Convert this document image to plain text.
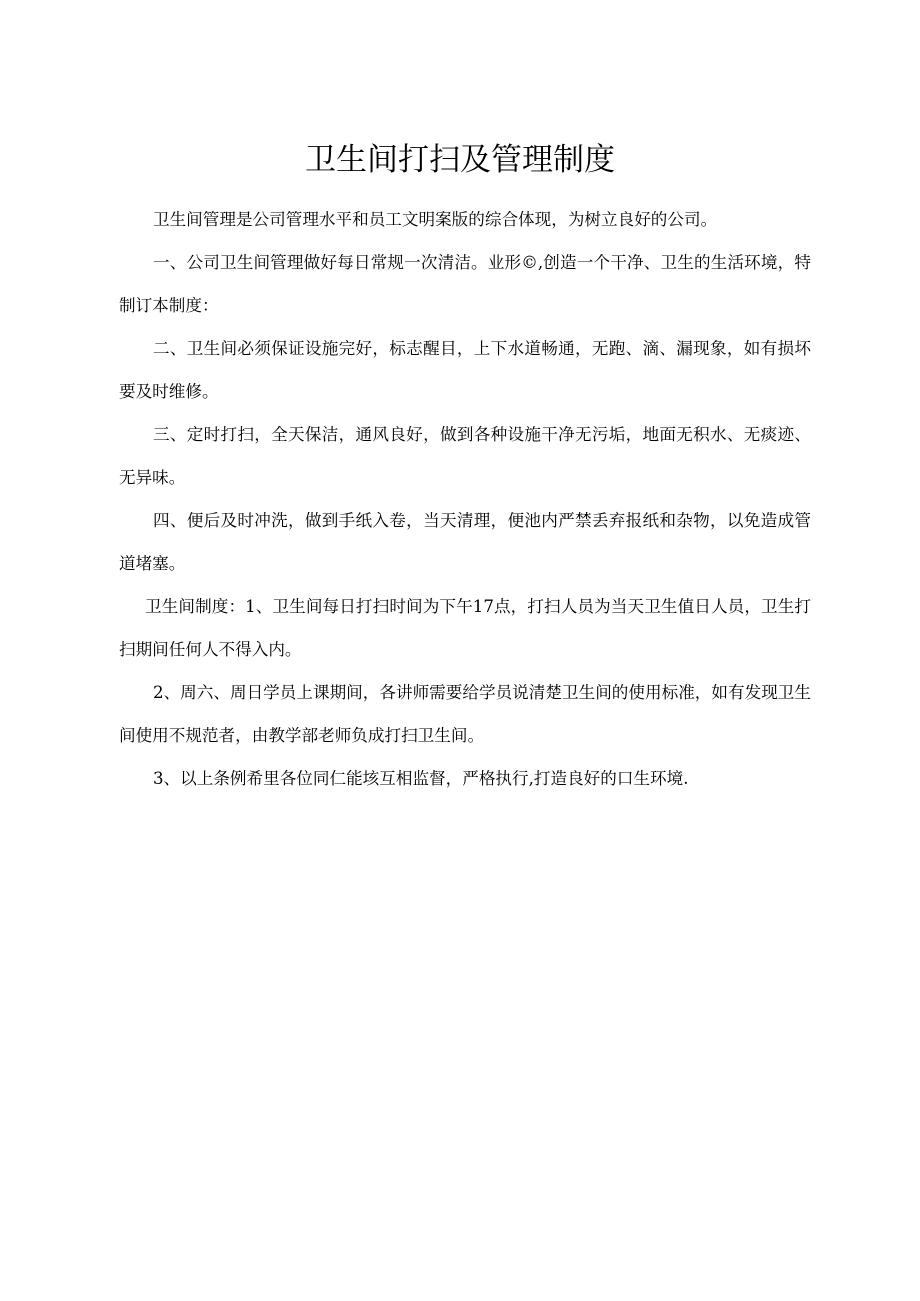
卫生间打扫及管理制度

卫生间管理是公司管理水平和员工文明案版的综合体现，为树立良好的公司。

一、公司卫生间管理做好每日常规一次清洁。业形©,创造一个干净、卫生的生活环境，特制订本制度：

二、卫生间必须保证设施完好，标志醒目，上下水道畅通，无跑、滴、漏现象，如有损坏要及时维修。

三、定时打扫，全天保洁，通风良好，做到各种设施干净无污垢，地面无积水、无痰迹、无异味。

四、便后及时冲洗，做到手纸入卷，当天清理，便池内严禁丢弃报纸和杂物，以免造成管道堵塞。

卫生间制度：1、卫生间每日打扫时间为下午17点，打扫人员为当天卫生值日人员，卫生打扫期间任何人不得入内。

2、周六、周日学员上课期间，各讲师需要给学员说清楚卫生间的使用标准，如有发现卫生间使用不规范者，由教学部老师负成打扫卫生间。

3、以上条例希里各位同仁能垓互相监督，严格执行,打造良好的口生环境.
